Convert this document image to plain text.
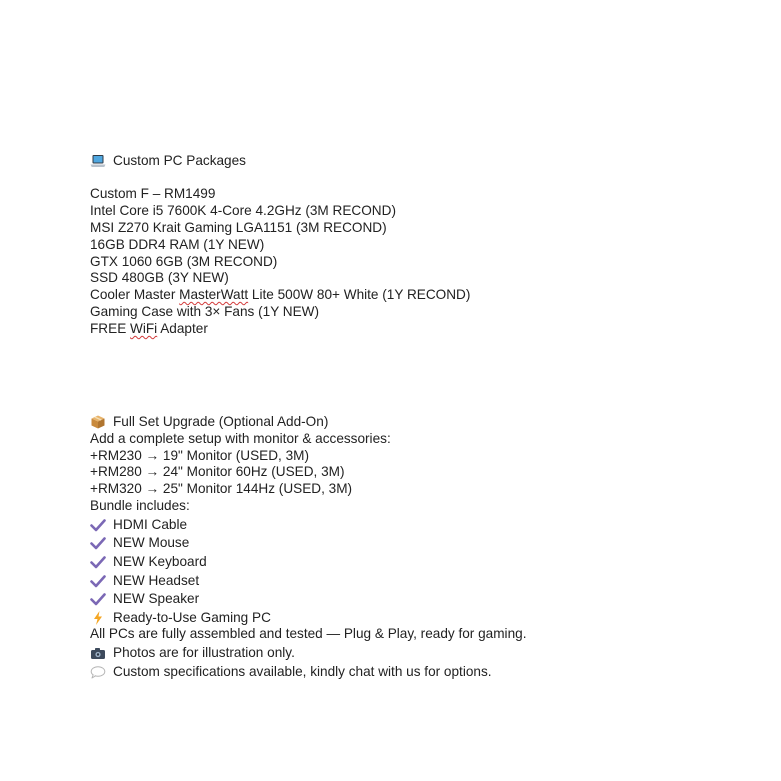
Custom PC Packages
Custom F – RM1499
Intel Core i5 7600K 4-Core 4.2GHz (3M RECOND)
MSI Z270 Krait Gaming LGA1151 (3M RECOND)
16GB DDR4 RAM (1Y NEW)
GTX 1060 6GB (3M RECOND)
SSD 480GB (3Y NEW)
Cooler Master MasterWatt Lite 500W 80+ White (1Y RECOND)
Gaming Case with 3× Fans (1Y NEW)
FREE WiFi Adapter
Full Set Upgrade (Optional Add-On)
Add a complete setup with monitor & accessories:
+RM230 → 19" Monitor (USED, 3M)
+RM280 → 24" Monitor 60Hz (USED, 3M)
+RM320 → 25" Monitor 144Hz (USED, 3M)
Bundle includes:
HDMI Cable
NEW Mouse
NEW Keyboard
NEW Headset
NEW Speaker
Ready-to-Use Gaming PC
All PCs are fully assembled and tested — Plug & Play, ready for gaming.
Photos are for illustration only.
Custom specifications available, kindly chat with us for options.
